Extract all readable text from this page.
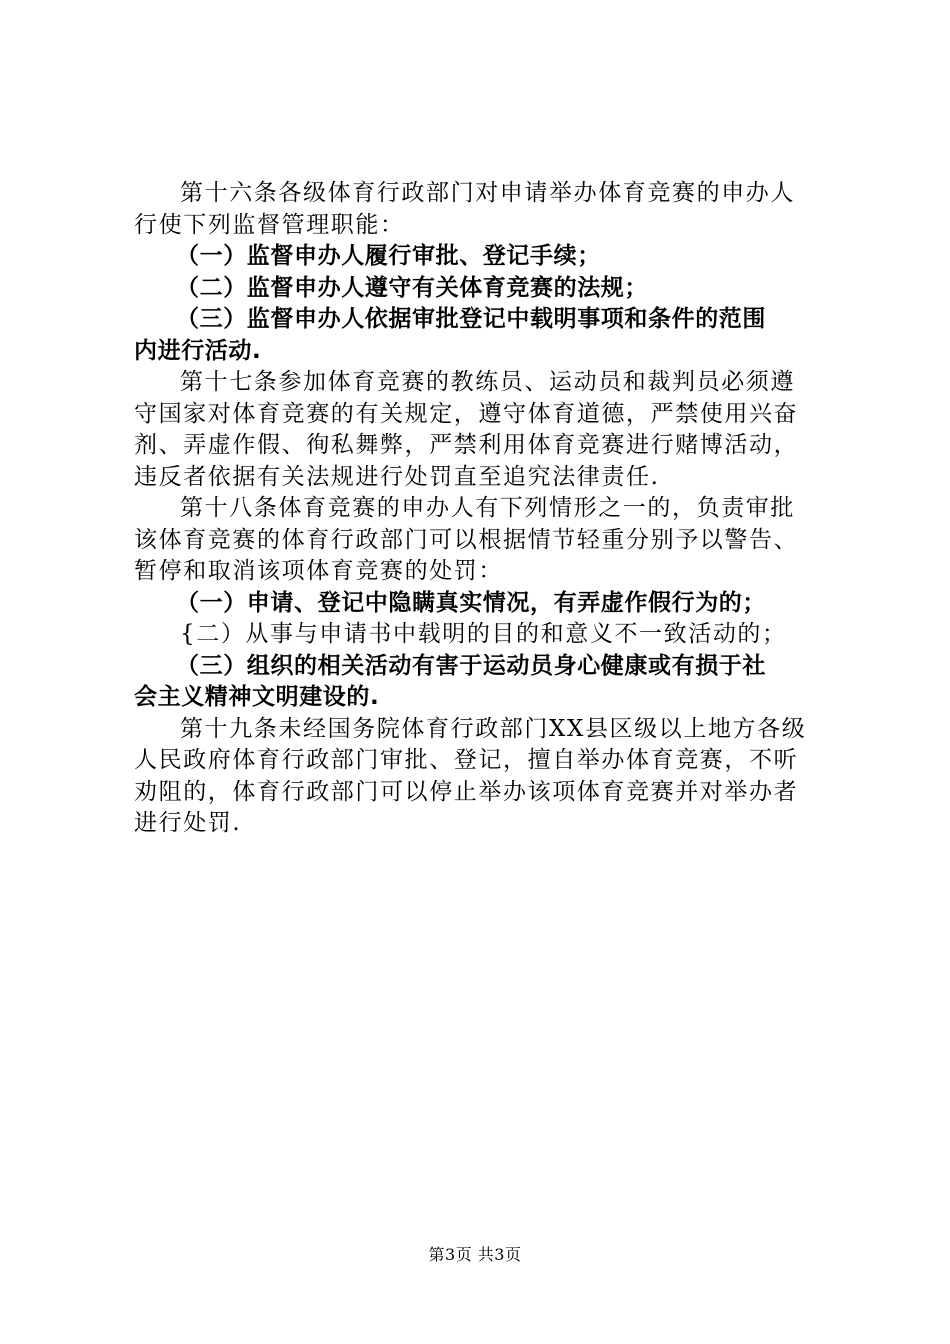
第十六条各级体育行政部门对申请举办体育竞赛的申办人
行使下列监督管理职能：
（一）监督申办人履行审批、登记手续；
（二）监督申办人遵守有关体育竞赛的法规；
（三）监督申办人依据审批登记中载明事项和条件的范围
内进行活动.
第十七条参加体育竞赛的教练员、运动员和裁判员必须遵
守国家对体育竞赛的有关规定，遵守体育道德，严禁使用兴奋
剂、弄虚作假、徇私舞弊，严禁利用体育竞赛进行赌博活动，
违反者依据有关法规进行处罚直至追究法律责任.
第十八条体育竞赛的申办人有下列情形之一的，负责审批
该体育竞赛的体育行政部门可以根据情节轻重分别予以警告、
暂停和取消该项体育竞赛的处罚：
（一）申请、登记中隐瞒真实情况，有弄虚作假行为的；
{二）从事与申请书中载明的目的和意义不一致活动的；
（三）组织的相关活动有害于运动员身心健康或有损于社
会主义精神文明建设的.
第十九条未经国务院体育行政部门XX县区级以上地方各级
人民政府体育行政部门审批、登记，擅自举办体育竞赛，不听
劝阻的，体育行政部门可以停止举办该项体育竞赛并对举办者
进行处罚.
第3页 共3页
